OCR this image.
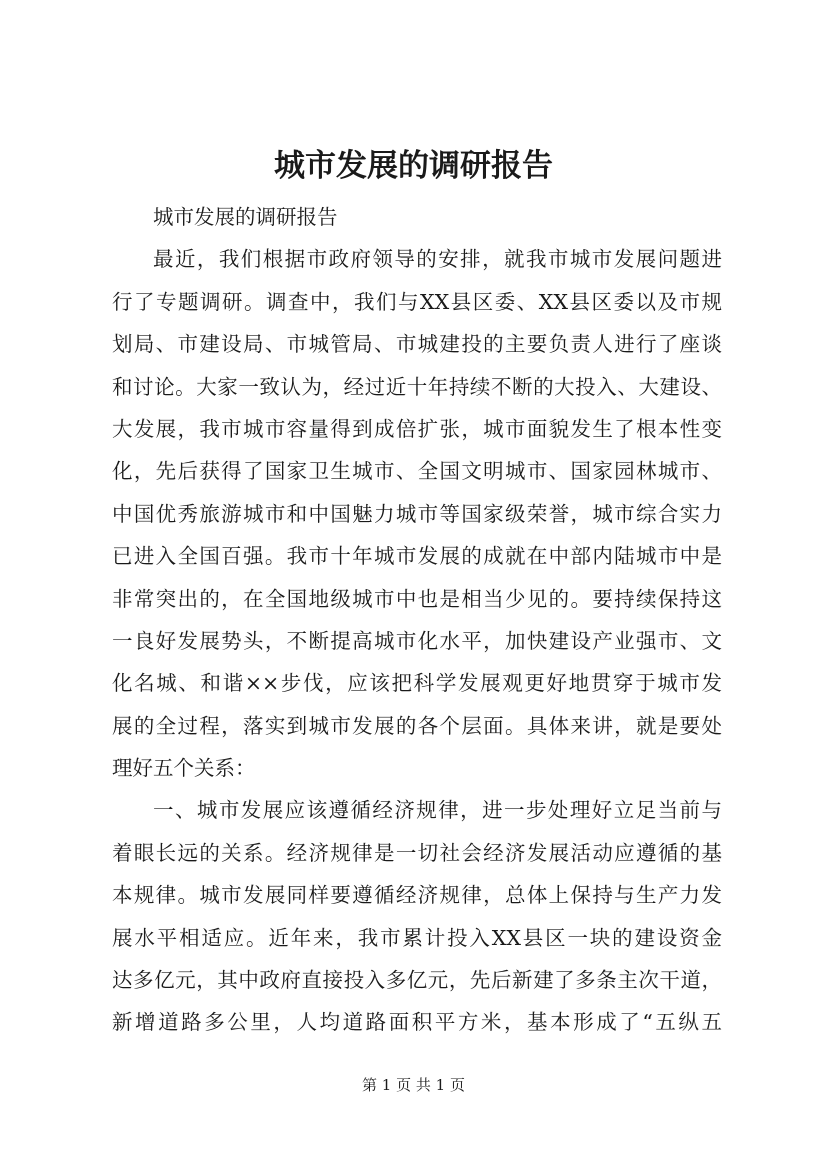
城市发展的调研报告
城市发展的调研报告
最近，我们根据市政府领导的安排，就我市城市发展问题进
行了专题调研。调查中，我们与XX县区委、XX县区委以及市规
划局、市建设局、市城管局、市城建投的主要负责人进行了座谈
和讨论。大家一致认为，经过近十年持续不断的大投入、大建设、
大发展，我市城市容量得到成倍扩张，城市面貌发生了根本性变
化，先后获得了国家卫生城市、全国文明城市、国家园林城市、
中国优秀旅游城市和中国魅力城市等国家级荣誉，城市综合实力
已进入全国百强。我市十年城市发展的成就在中部内陆城市中是
非常突出的，在全国地级城市中也是相当少见的。要持续保持这
一良好发展势头，不断提高城市化水平，加快建设产业强市、文
化名城、和谐××步伐，应该把科学发展观更好地贯穿于城市发
展的全过程，落实到城市发展的各个层面。具体来讲，就是要处
理好五个关系：
一、城市发展应该遵循经济规律，进一步处理好立足当前与
着眼长远的关系。经济规律是一切社会经济发展活动应遵循的基
本规律。城市发展同样要遵循经济规律，总体上保持与生产力发
展水平相适应。近年来，我市累计投入XX县区一块的建设资金
达多亿元，其中政府直接投入多亿元，先后新建了多条主次干道，
新增道路多公里，人均道路面积平方米，基本形成了“五纵五
第 1 页 共 1 页
